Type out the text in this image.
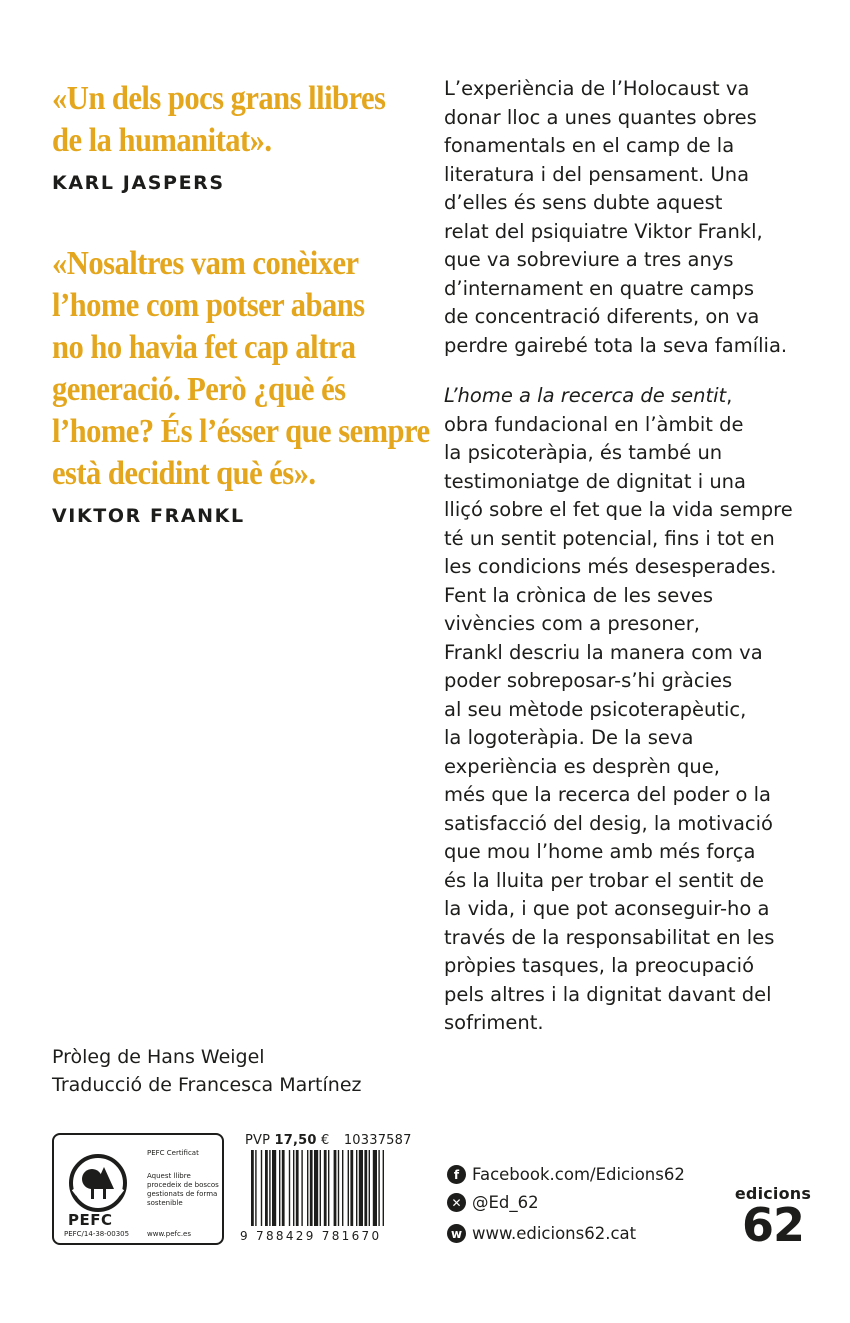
«Un dels pocs grans llibres
de la humanitat».
KARL JASPERS
«Nosaltres vam conèixer
l’home com potser abans
no ho havia fet cap altra
generació. Però ¿què és
l’home? És l’ésser que sempre
està decidint què és».
VIKTOR FRANKL

L’experiència de l’Holocaust va
donar lloc a unes quantes obres
fonamentals en el camp de la
literatura i del pensament. Una
d’elles és sens dubte aquest
relat del psiquiatre Viktor Frankl,
que va sobreviure a tres anys
d’internament en quatre camps
de concentració diferents, on va
perdre gairebé tota la seva família.

L’home a la recerca de sentit,
obra fundacional en l’àmbit de
la psicoteràpia, és també un
testimoniatge de dignitat i una
lliçó sobre el fet que la vida sempre
té un sentit potencial, fins i tot en
les condicions més desesperades.
Fent la crònica de les seves
vivències com a presoner,
Frankl descriu la manera com va
poder sobreposar-s’hi gràcies
al seu mètode psicoterapèutic,
la logoteràpia. De la seva
experiència es desprèn que,
més que la recerca del poder o la
satisfacció del desig, la motivació
que mou l’home amb més força
és la lluita per trobar el sentit de
la vida, i que pot aconseguir-ho a
través de la responsabilitat en les
pròpies tasques, la preocupació
pels altres i la dignitat davant del
sofriment.

Pròleg de Hans Weigel
Traducció de Francesca Martínez
PEFC
PEFC/14-38-00305
PEFC Certificat
Aquest llibre procedeix de boscos gestionats de forma sostenible
www.pefc.es
PVP 17,50 € 10337587
9 788429 781670
f Facebook.com/Edicions62
✕ @Ed_62
w www.edicions62.cat
edicions
62
